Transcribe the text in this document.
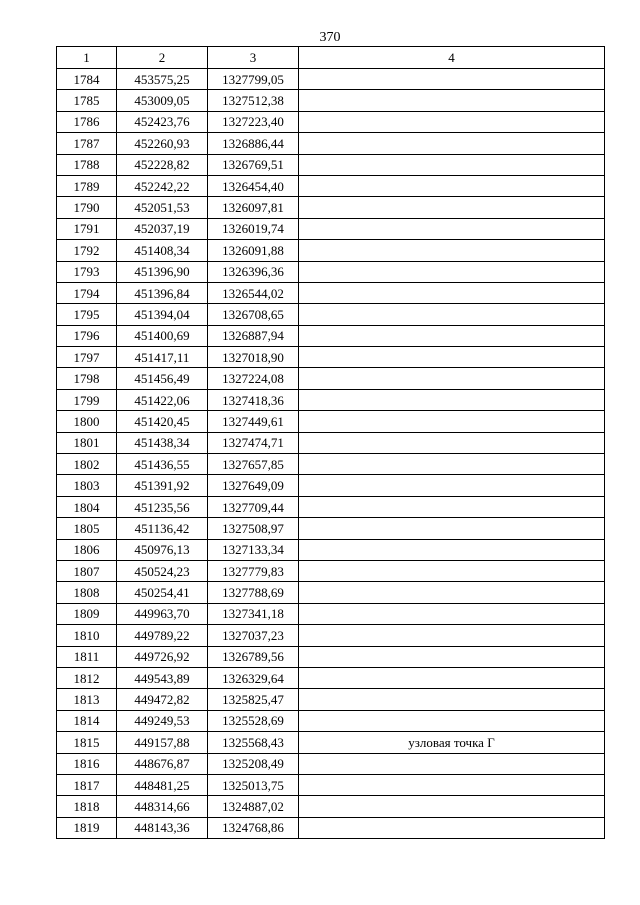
370
1	2	3	4
1784	453575,25	1327799,05	
1785	453009,05	1327512,38	
1786	452423,76	1327223,40	
1787	452260,93	1326886,44	
1788	452228,82	1326769,51	
1789	452242,22	1326454,40	
1790	452051,53	1326097,81	
1791	452037,19	1326019,74	
1792	451408,34	1326091,88	
1793	451396,90	1326396,36	
1794	451396,84	1326544,02	
1795	451394,04	1326708,65	
1796	451400,69	1326887,94	
1797	451417,11	1327018,90	
1798	451456,49	1327224,08	
1799	451422,06	1327418,36	
1800	451420,45	1327449,61	
1801	451438,34	1327474,71	
1802	451436,55	1327657,85	
1803	451391,92	1327649,09	
1804	451235,56	1327709,44	
1805	451136,42	1327508,97	
1806	450976,13	1327133,34	
1807	450524,23	1327779,83	
1808	450254,41	1327788,69	
1809	449963,70	1327341,18	
1810	449789,22	1327037,23	
1811	449726,92	1326789,56	
1812	449543,89	1326329,64	
1813	449472,82	1325825,47	
1814	449249,53	1325528,69	
1815	449157,88	1325568,43	узловая точка Г
1816	448676,87	1325208,49	
1817	448481,25	1325013,75	
1818	448314,66	1324887,02	
1819	448143,36	1324768,86	
